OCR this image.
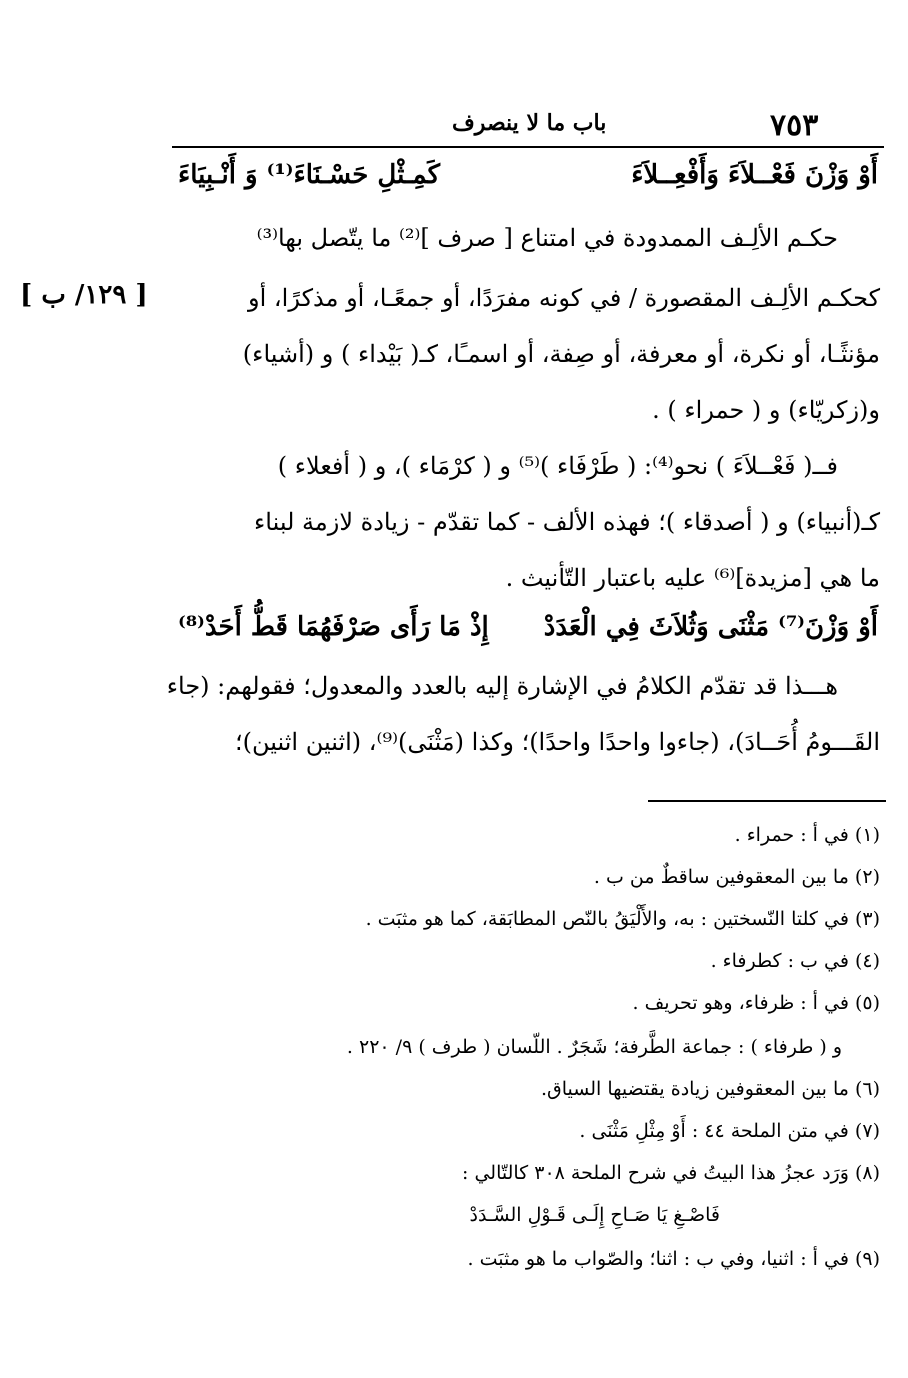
٧٥٣
باب ما لا ينصرف
أَوْ وَزْنَ فَعْــلاَءَ وَأَفْعِــلاَءَ
كَمِـثْلِ حَسْـنَاءَ⁽¹⁾ وَ أَنْـبِيَاءَ
حكـم الألِـف الممدودة في امتناع [ صرف ]⁽²⁾ ما يتّصل بها⁽³⁾
كحكـم الألِـف المقصورة / في كونه مفرَدًا، أو جمعًـا، أو مذكرًا، أو
مؤنثًـا، أو نكرة، أو معرفة، أو صِفة، أو اسمـًا، كـ( بَيْداء ) و (أشياء)
و(زكريّاء) و ( حمراء ) .
[ ١٢٩/ ب ]
فــ( فَعْــلاَءَ ) نحو⁽⁴⁾: ( طَرْفَاء )⁽⁵⁾ و ( كرْمَاء )، و ( أفعلاء )
كـ(أنبياء) و ( أصدقاء )؛ فهذه الألف - كما تقدّم - زيادة لازمة لبناء
ما هي [مزيدة]⁽⁶⁾ عليه باعتبار التّأنيث .
أَوْ وَزْنَ⁽⁷⁾ مَثْنَى وَثُلاَثَ فِي الْعَدَدْ
إِذْ مَا رَأَى صَرْفَهُمَا قَطُّ أَحَدْ⁽⁸⁾
هـــذا قد تقدّم الكلامُ في الإشارة إليه بالعدد والمعدول؛ فقولهم: (جاء
القَـــومُ أُحَــادَ)، (جاءوا واحدًا واحدًا)؛ وكذا (مَثْنَى)⁽⁹⁾، (اثنين اثنين)؛
(١) في أ : حمراء .
(٢) ما بين المعقوفين ساقطٌ من ب .
(٣) في كلتا النّسختين : به، والأَلْيَقُ بالنّص المطابَقة، كما هو مثبَت .
(٤) في ب : كطرفاء .
(٥) في أ : ظرفاء، وهو تحريف .
و ( طرفاء ) : جماعة الطَّرفة؛ شَجَرٌ . اللّسان ( طرف ) ٩/ ٢٢٠ .
(٦) ما بين المعقوفين زيادة يقتضيها السياق.
(٧) في متن الملحة ٤٤ : أَوْ مِثْلِ مَثْنَى .
(٨) وَرَد عجزُ هذا البيتُ في شرح الملحة ٣٠٨ كالتّالي :
فَاصْـغِ يَا صَـاحِ إِلَـى قَـوْلِ السَّـدَدْ
(٩) في أ : اثنيا، وفي ب : اثنا؛ والصّواب ما هو مثبَت .
